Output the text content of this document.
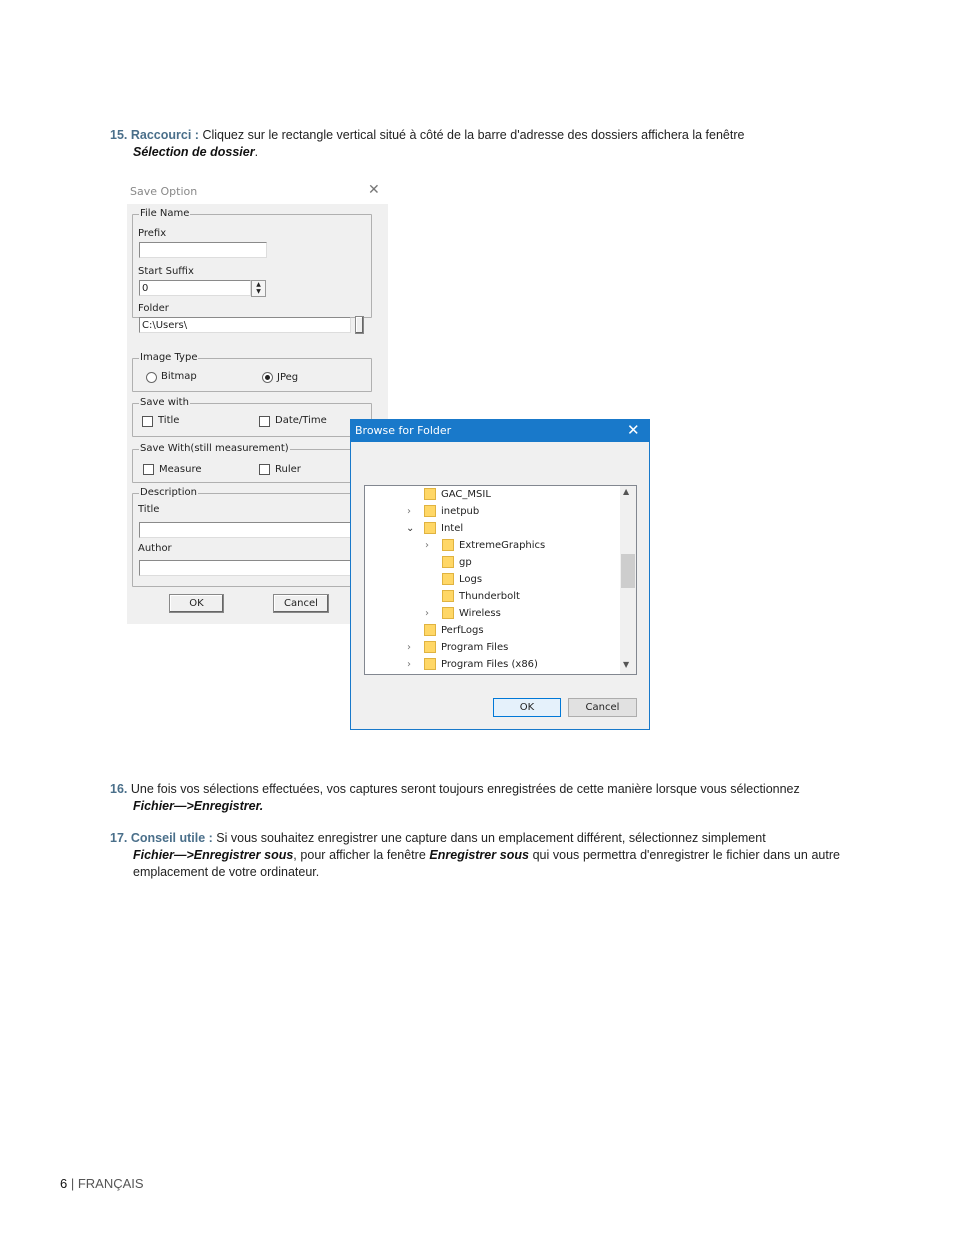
15. Raccourci : Cliquez sur le rectangle vertical situé à côté de la barre d'adresse des dossiers affichera la fenêtre
Sélection de dossier.
Save Option	✕
File Name
Prefix
Start Suffix
0	▲
▼
Folder
C:\Users\
Image Type
Bitmap	JPeg
Save with
Title	Date/Time
Save With(still measurement)
Measure	Ruler
Description
Title
Author
OK	Cancel
Browse for Folder	✕
GAC_MSIL
›	inetpub
⌄	Intel
›	ExtremeGraphics
gp
Logs
Thunderbolt
›	Wireless
PerfLogs
›	Program Files
›	Program Files (x86)
▲
▼
OK	Cancel
16. Une fois vos sélections effectuées, vos captures seront toujours enregistrées de cette manière lorsque vous sélectionnez
Fichier—>Enregistrer.
17. Conseil utile : Si vous souhaitez enregistrer une capture dans un emplacement différent, sélectionnez simplement
Fichier—>Enregistrer sous, pour afficher la fenêtre Enregistrer sous qui vous permettra d'enregistrer le fichier dans un autre emplacement de votre ordinateur.
6 | FRANÇAIS
